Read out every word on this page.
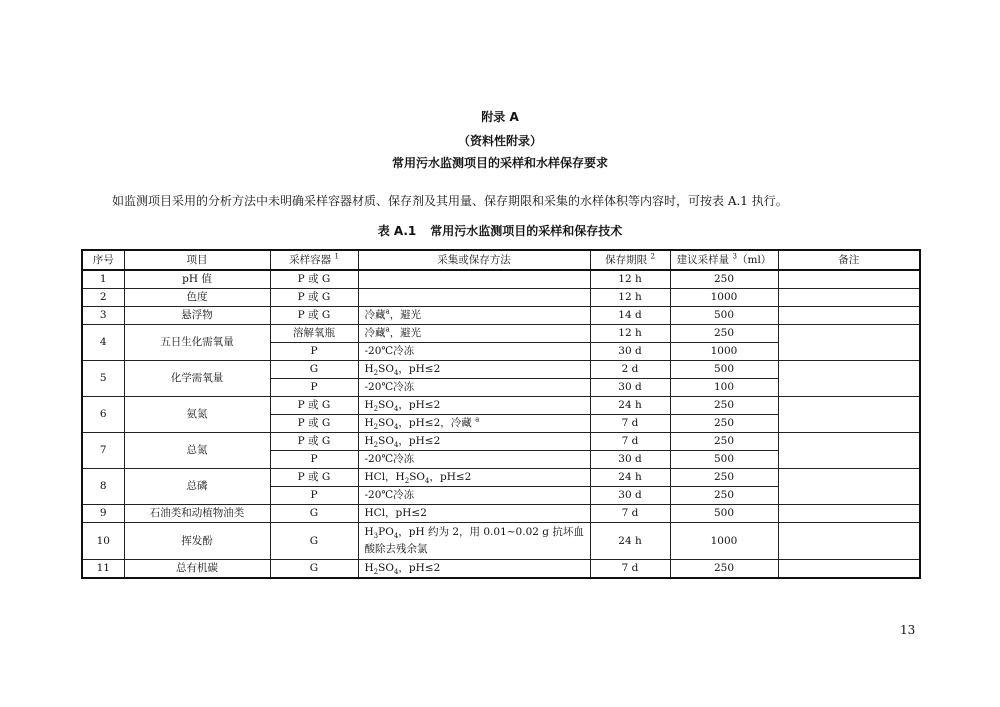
附录 A
（资料性附录）
常用污水监测项目的采样和水样保存要求
如监测项目采用的分析方法中未明确采样容器材质、保存剂及其用量、保存期限和采集的水样体积等内容时，可按表 A.1 执行。
表 A.1 常用污水监测项目的采样和保存技术
序号	项目	采样容器 $^1$	采集或保存方法	保存期限 $^2$	建议采样量 $^3$（ml）	备注
1	pH 值	P 或 G		12 h	250	
2	色度	P 或 G		12 h	1000	
3	悬浮物	P 或 G	冷藏$^a$，避光	14 d	500	
4	五日生化需氧量	溶解氧瓶	冷藏$^a$，避光	12 h	250	
		P	-20℃冷冻	30 d	1000	
5	化学需氧量	G	$H_2SO_4$，pH≤2	2 d	500	
		P	-20℃冷冻	30 d	100	
6	氨氮	P 或 G	$H_2SO_4$，pH≤2	24 h	250	
		P 或 G	$H_2SO_4$，pH≤2，冷藏 $^a$	7 d	250	
7	总氮	P 或 G	$H_2SO_4$，pH≤2	7 d	250	
		P	-20℃冷冻	30 d	500	
8	总磷	P 或 G	HCl，$H_2SO_4$，pH≤2	24 h	250	
		P	-20℃冷冻	30 d	250	
9	石油类和动植物油类	G	HCl，pH≤2	7 d	500	
10	挥发酚	G	$H_3PO_4$，pH 约为 2，用 0.01~0.02 g 抗坏血酸除去残余氯	24 h	1000	
11	总有机碳	G	$H_2SO_4$，pH≤2	7 d	250	
13
